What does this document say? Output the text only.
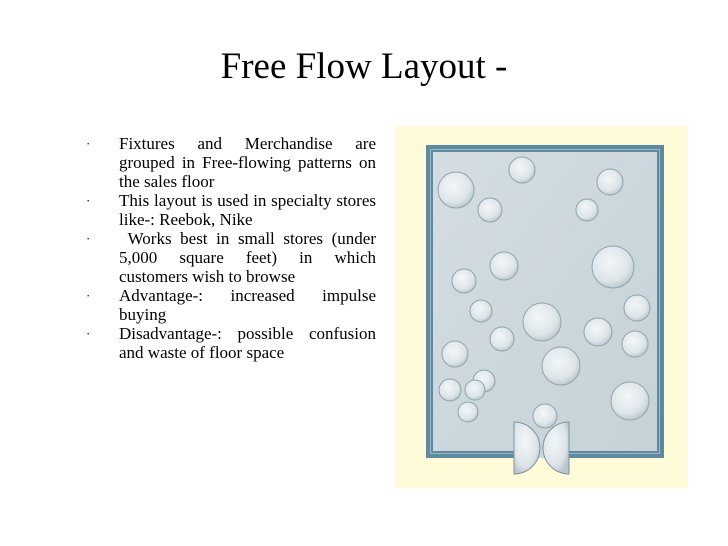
Free Flow Layout -
· Fixtures and Merchandise are grouped in Free-flowing patterns on the sales floor
· This layout is used in specialty stores like-: Reebok, Nike
· Works best in small stores (under 5,000 square feet) in which customers wish to browse
· Advantage-: increased impulse buying
· Disadvantage-: possible confusion and waste of floor space
